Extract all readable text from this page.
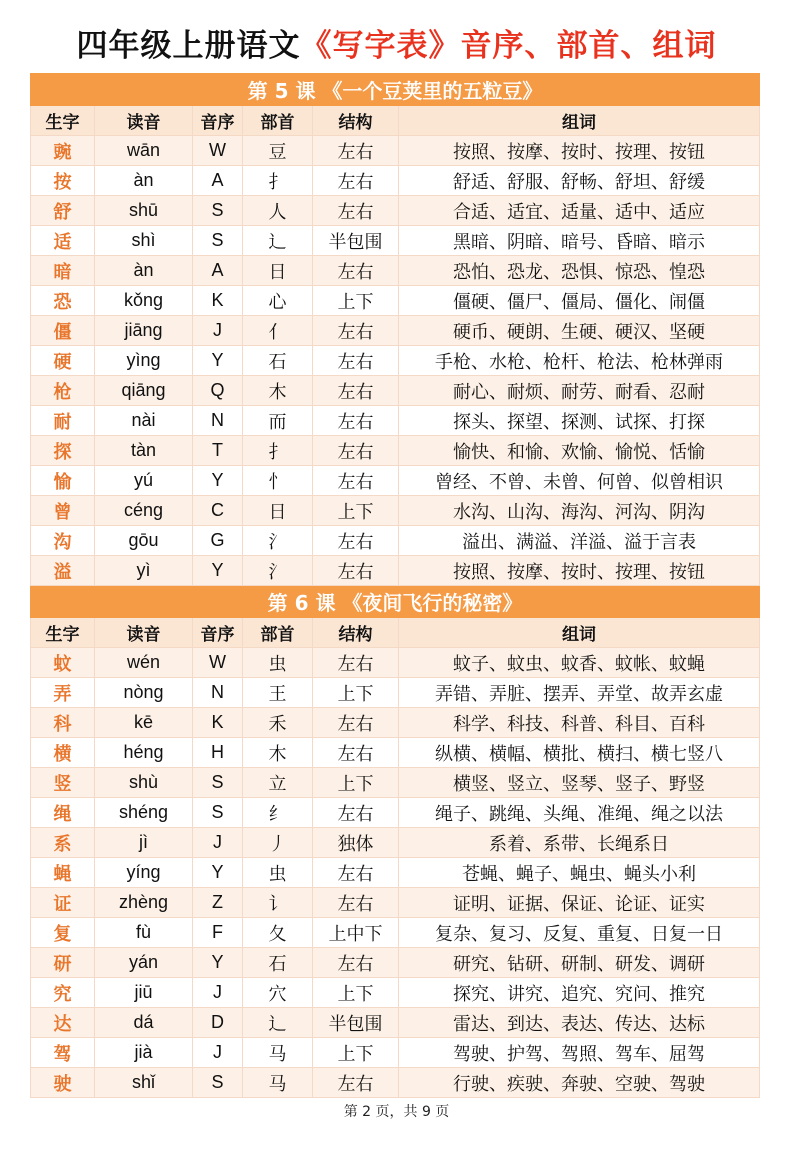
四年级上册语文《写字表》音序、部首、组词
第 5 课 《一个豆荚里的五粒豆》					
生字	读音	音序	部首	结构	组词
豌	wān	W	豆	左右	按照、按摩、按时、按理、按钮
按	àn	A	扌	左右	舒适、舒服、舒畅、舒坦、舒缓
舒	shū	S	人	左右	合适、适宜、适量、适中、适应
适	shì	S	辶	半包围	黑暗、阴暗、暗号、昏暗、暗示
暗	àn	A	日	左右	恐怕、恐龙、恐惧、惊恐、惶恐
恐	kǒng	K	心	上下	僵硬、僵尸、僵局、僵化、闹僵
僵	jiāng	J	亻	左右	硬币、硬朗、生硬、硬汉、坚硬
硬	yìng	Y	石	左右	手枪、水枪、枪杆、枪法、枪林弹雨
枪	qiāng	Q	木	左右	耐心、耐烦、耐劳、耐看、忍耐
耐	nài	N	而	左右	探头、探望、探测、试探、打探
探	tàn	T	扌	左右	愉快、和愉、欢愉、愉悦、恬愉
愉	yú	Y	忄	左右	曾经、不曾、未曾、何曾、似曾相识
曾	céng	C	日	上下	水沟、山沟、海沟、河沟、阴沟
沟	gōu	G	氵	左右	溢出、满溢、洋溢、溢于言表
溢	yì	Y	氵	左右	按照、按摩、按时、按理、按钮
第 6 课 《夜间飞行的秘密》					
生字	读音	音序	部首	结构	组词
蚊	wén	W	虫	左右	蚊子、蚊虫、蚊香、蚊帐、蚊蝇
弄	nòng	N	王	上下	弄错、弄脏、摆弄、弄堂、故弄玄虚
科	kē	K	禾	左右	科学、科技、科普、科目、百科
横	héng	H	木	左右	纵横、横幅、横批、横扫、横七竖八
竖	shù	S	立	上下	横竖、竖立、竖琴、竖子、野竖
绳	shéng	S	纟	左右	绳子、跳绳、头绳、准绳、绳之以法
系	jì	J	丿	独体	系着、系带、长绳系日
蝇	yíng	Y	虫	左右	苍蝇、蝇子、蝇虫、蝇头小利
证	zhèng	Z	讠	左右	证明、证据、保证、论证、证实
复	fù	F	夂	上中下	复杂、复习、反复、重复、日复一日
研	yán	Y	石	左右	研究、钻研、研制、研发、调研
究	jiū	J	穴	上下	探究、讲究、追究、究问、推究
达	dá	D	辶	半包围	雷达、到达、表达、传达、达标
驾	jià	J	马	上下	驾驶、护驾、驾照、驾车、屈驾
驶	shǐ	S	马	左右	行驶、疾驶、奔驶、空驶、驾驶
第 2 页，共 9 页
